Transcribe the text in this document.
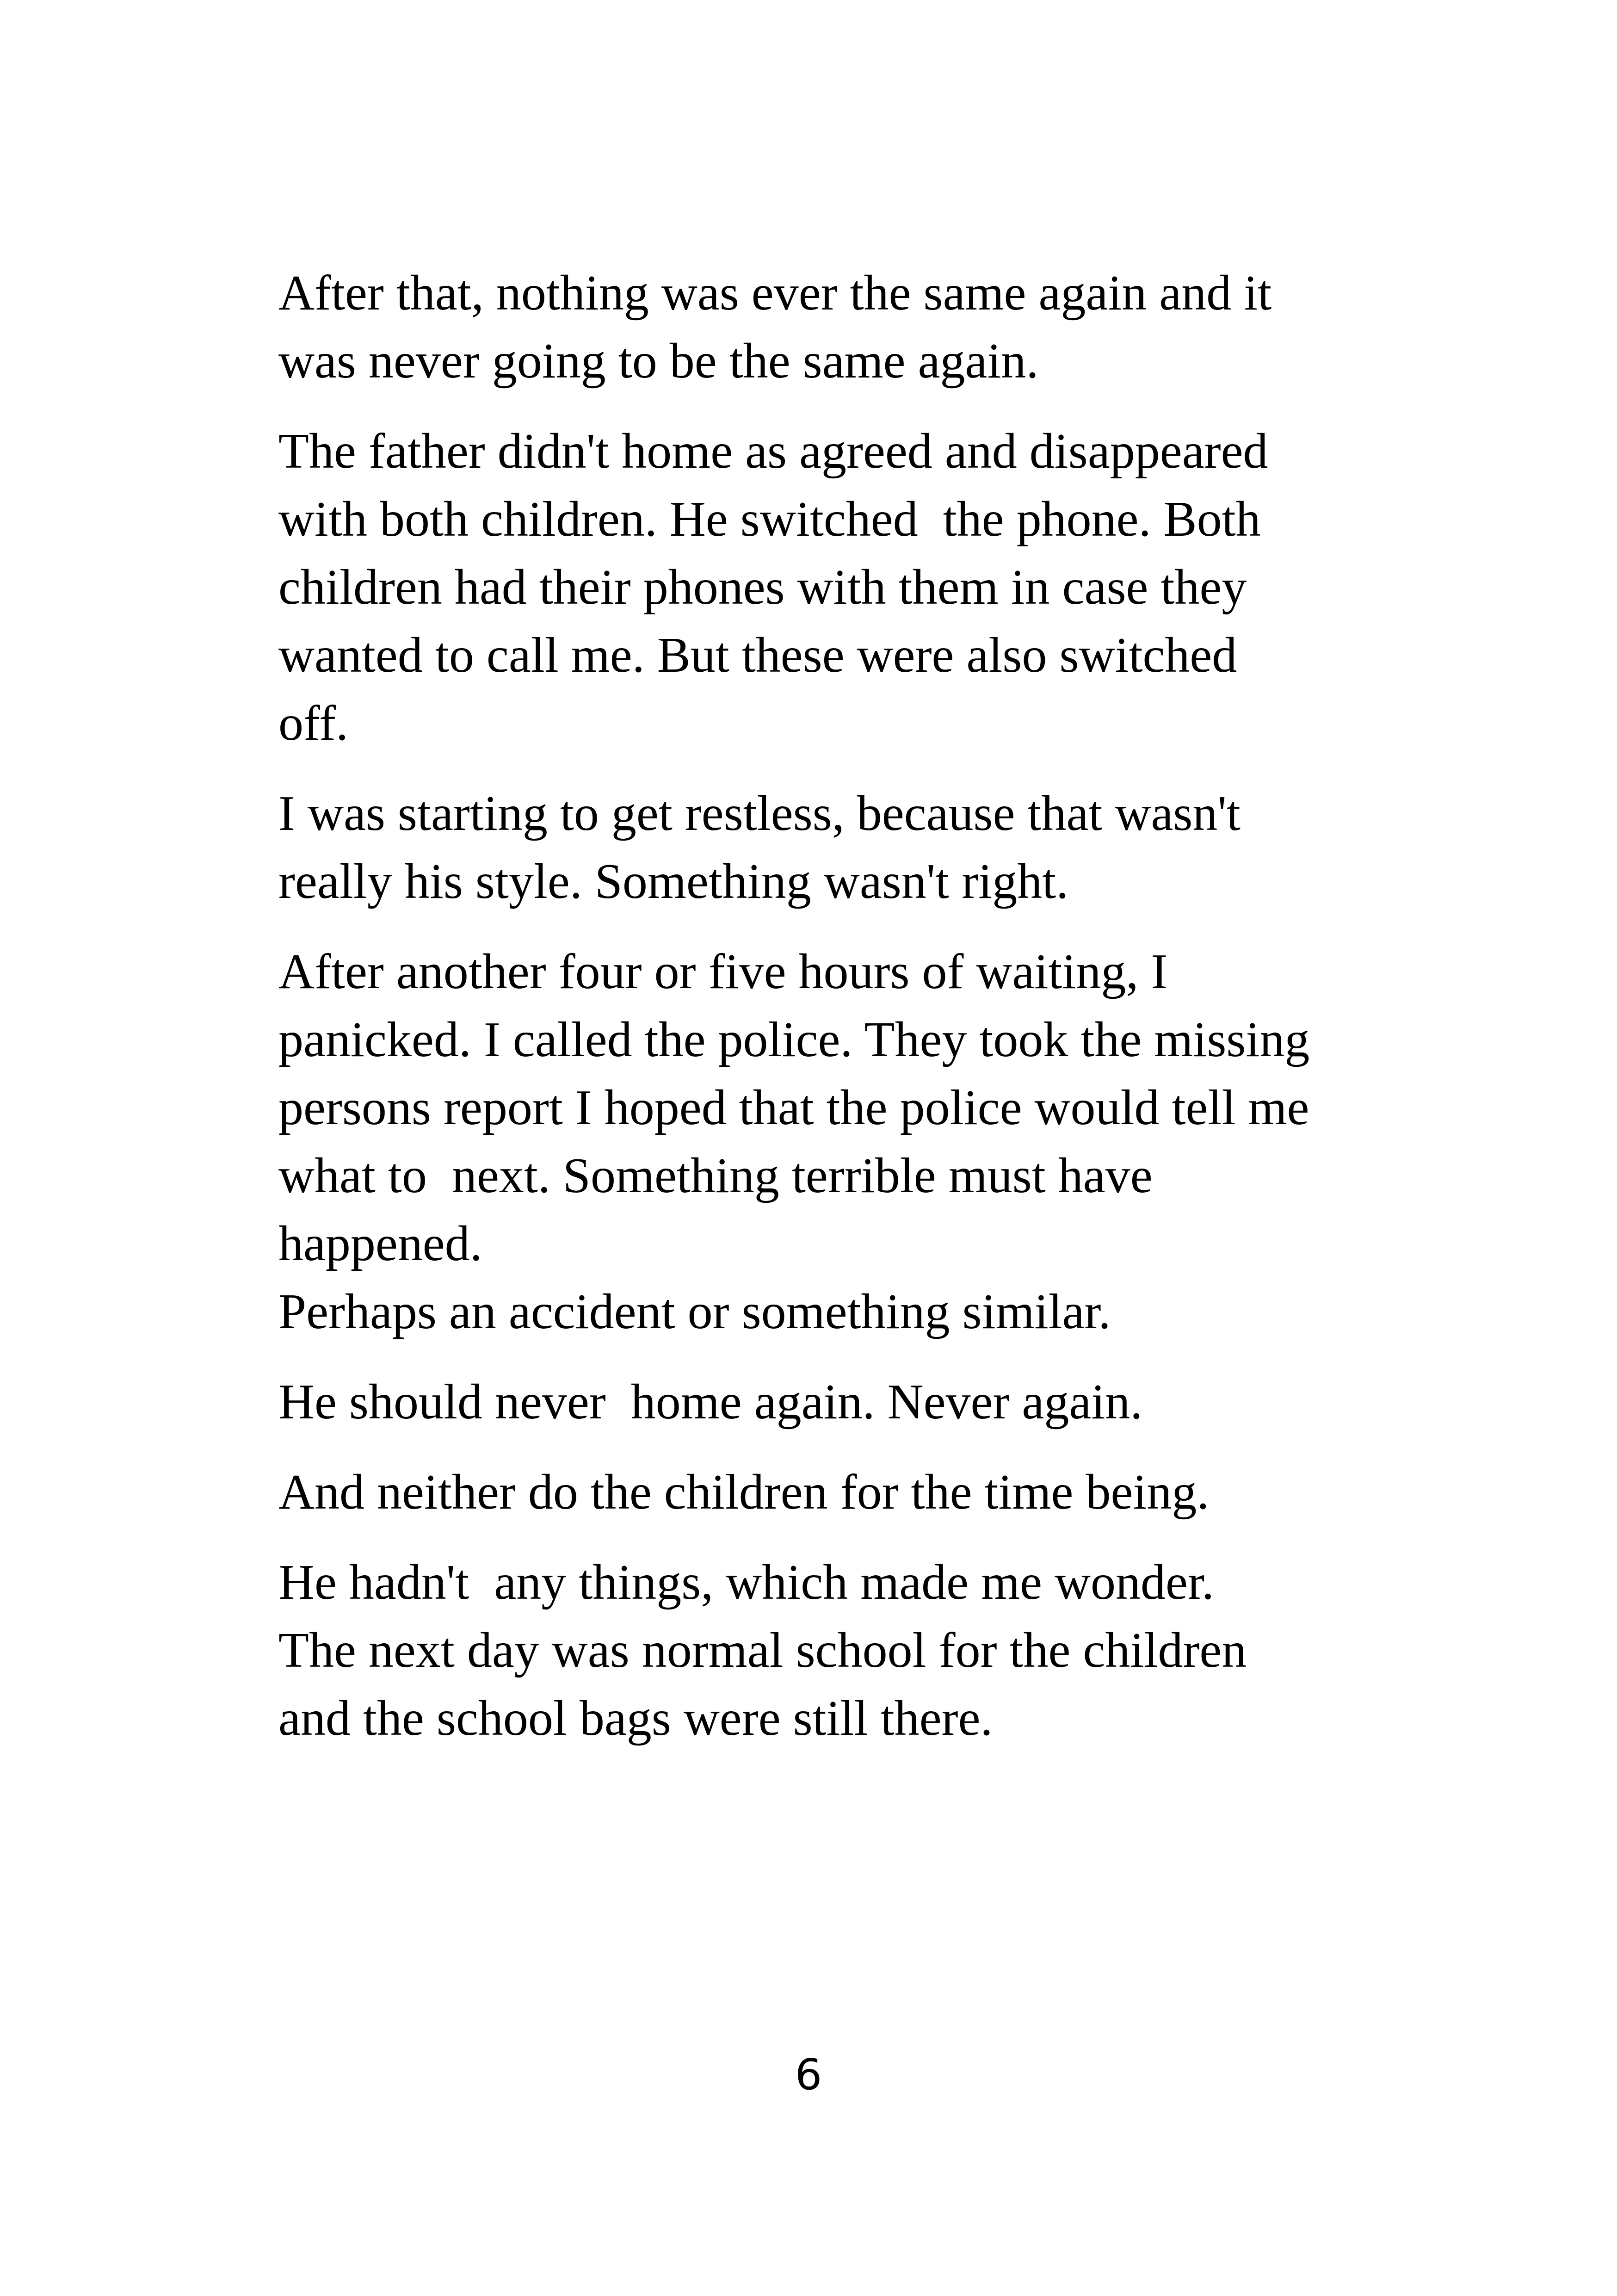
After that, nothing was ever the same again and it
was never going to be the same again.

The father didn't home as agreed and disappeared
with both children. He switched  the phone. Both
children had their phones with them in case they
wanted to call me. But these were also switched
off.

I was starting to get restless, because that wasn't
really his style. Something wasn't right.

After another four or five hours of waiting, I
panicked. I called the police. They took the missing
persons report I hoped that the police would tell me
what to  next. Something terrible must have
happened.
Perhaps an accident or something similar.

He should never  home again. Never again.

And neither do the children for the time being.

He hadn't  any things, which made me wonder.
The next day was normal school for the children
and the school bags were still there.

6
